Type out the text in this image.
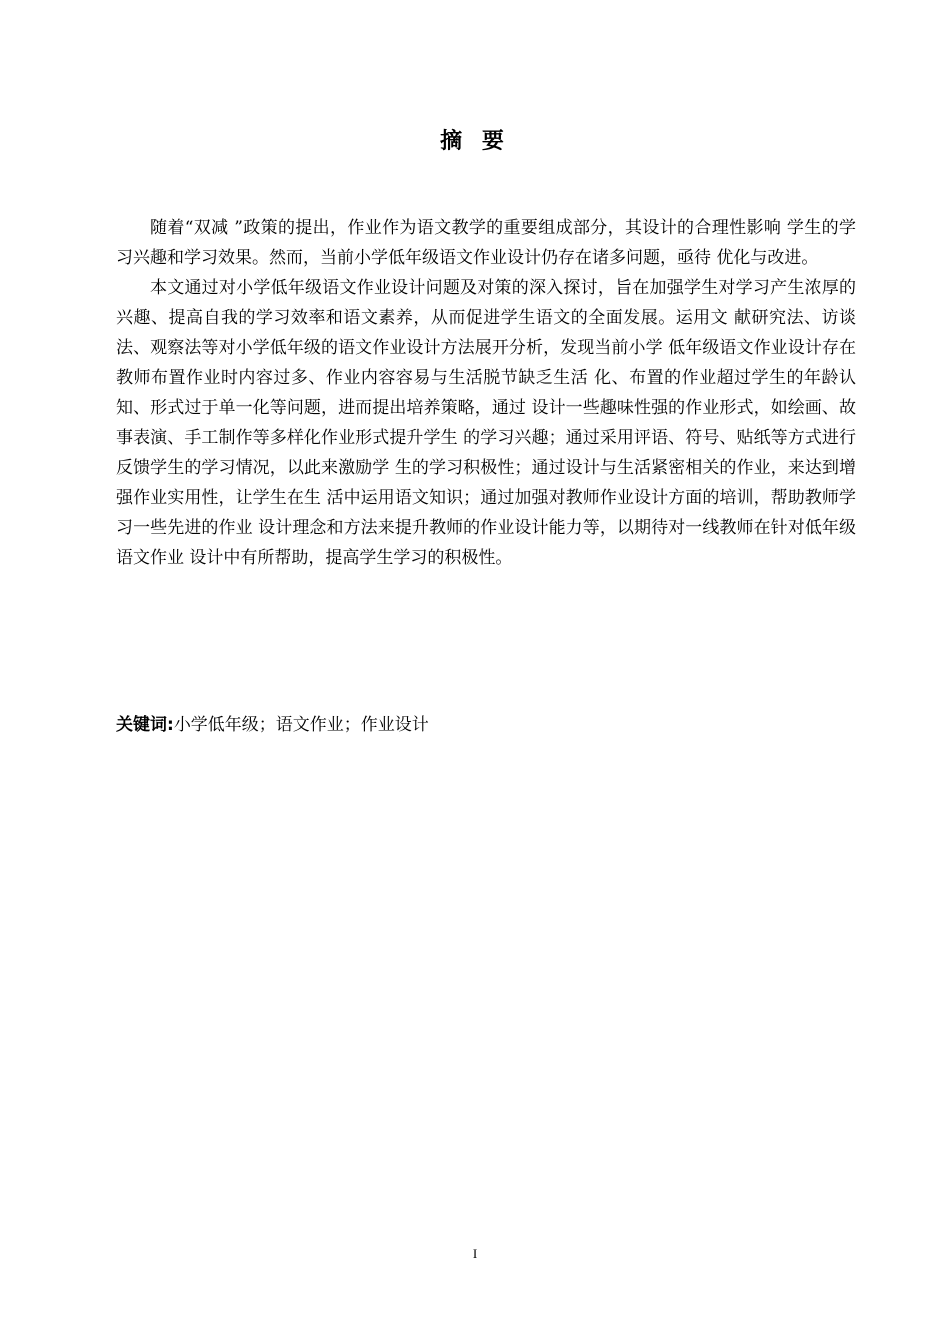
摘 要

随着“双减 ”政策的提出，作业作为语文教学的重要组成部分，其设计的合理性影响 学生的学习兴趣和学习效果。然而，当前小学低年级语文作业设计仍存在诸多问题，亟待 优化与改进。

本文通过对小学低年级语文作业设计问题及对策的深入探讨，旨在加强学生对学习产生浓厚的兴趣、提高自我的学习效率和语文素养，从而促进学生语文的全面发展。运用文 献研究法、访谈法、观察法等对小学低年级的语文作业设计方法展开分析，发现当前小学 低年级语文作业设计存在教师布置作业时内容过多、作业内容容易与生活脱节缺乏生活 化、布置的作业超过学生的年龄认知、形式过于单一化等问题，进而提出培养策略，通过 设计一些趣味性强的作业形式，如绘画、故事表演、手工制作等多样化作业形式提升学生 的学习兴趣；通过采用评语、符号、贴纸等方式进行反馈学生的学习情况，以此来激励学 生的学习积极性；通过设计与生活紧密相关的作业，来达到增强作业实用性，让学生在生 活中运用语文知识；通过加强对教师作业设计方面的培训，帮助教师学习一些先进的作业 设计理念和方法来提升教师的作业设计能力等，以期待对一线教师在针对低年级语文作业 设计中有所帮助，提高学生学习的积极性。

关键词:小学低年级；语文作业；作业设计
I
